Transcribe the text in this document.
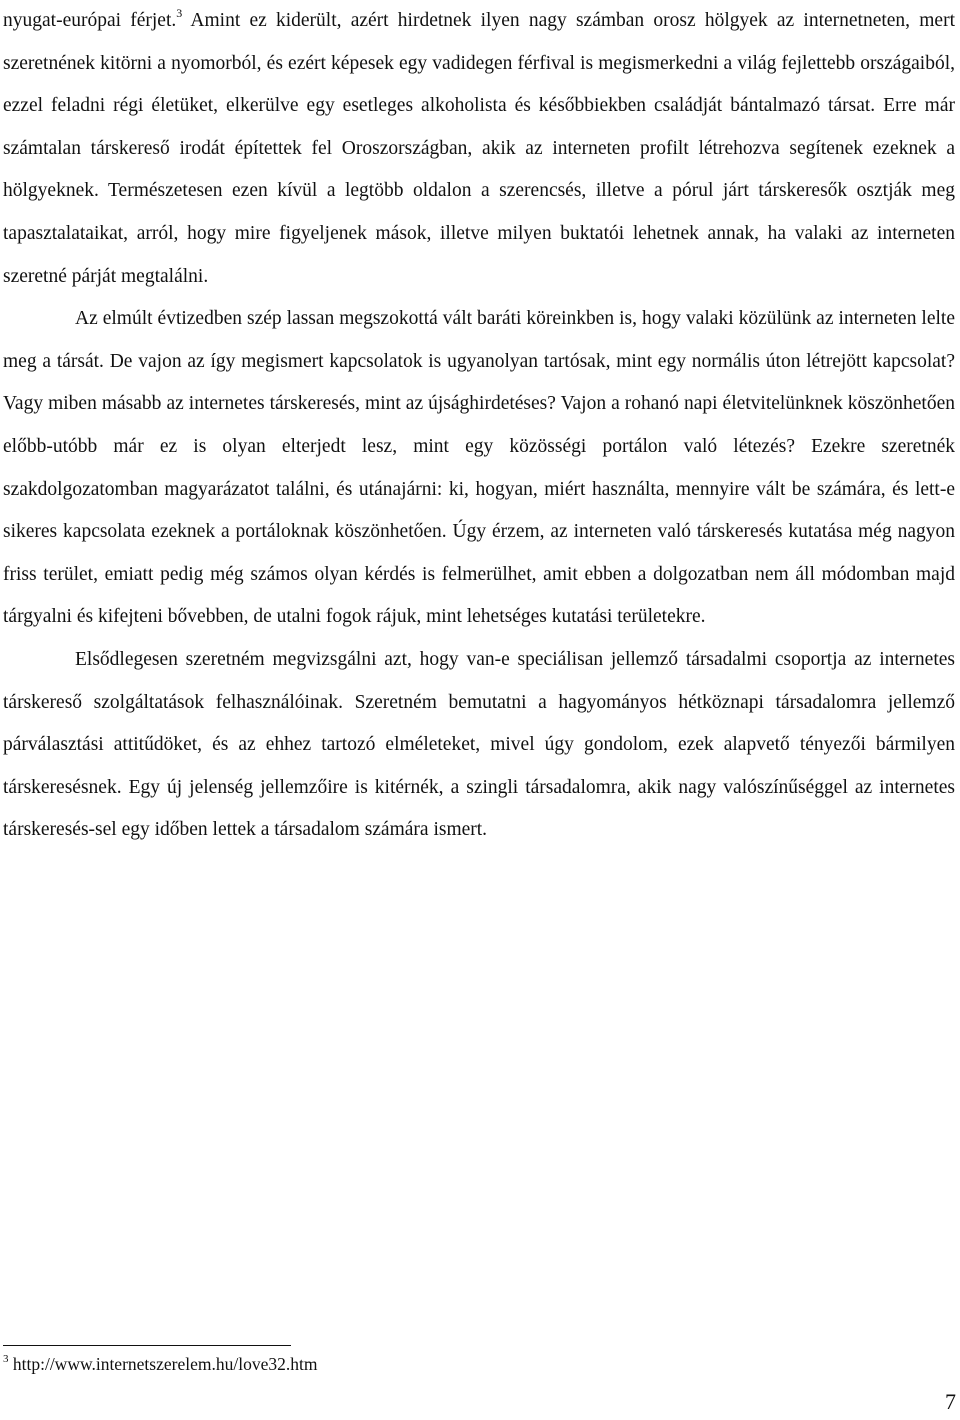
nyugat-európai férjet.$^3$ Amint ez kiderült, azért hirdetnek ilyen nagy számban orosz hölgyek az internetneten, mert szeretnének kitörni a nyomorból, és ezért képesek egy vadidegen férfival is megismerkedni a világ fejlettebb országaiból, ezzel feladni régi életüket, elkerülve egy esetleges alkoholista és későbbiekben családját bántalmazó társat. Erre már számtalan társkereső irodát építettek fel Oroszországban, akik az interneten profilt létrehozva segítenek ezeknek a hölgyeknek. Természetesen ezen kívül a legtöbb oldalon a szerencsés, illetve a pórul járt társkeresők osztják meg tapasztalataikat, arról, hogy mire figyeljenek mások, illetve milyen buktatói lehetnek annak, ha valaki az interneten szeretné párját megtalálni.

Az elmúlt évtizedben szép lassan megszokottá vált baráti köreinkben is, hogy valaki közülünk az interneten lelte meg a társát. De vajon az így megismert kapcsolatok is ugyanolyan tartósak, mint egy normális úton létrejött kapcsolat? Vagy miben másabb az internetes társkeresés, mint az újsághirdetéses? Vajon a rohanó napi életvitelünknek köszönhetően előbb-utóbb már ez is olyan elterjedt lesz, mint egy közösségi portálon való létezés? Ezekre szeretnék szakdolgozatomban magyarázatot találni, és utánajárni: ki, hogyan, miért használta, mennyire vált be számára, és lett-e sikeres kapcsolata ezeknek a portáloknak köszönhetően. Úgy érzem, az interneten való társkeresés kutatása még nagyon friss terület, emiatt pedig még számos olyan kérdés is felmerülhet, amit ebben a dolgozatban nem áll módomban majd tárgyalni és kifejteni bővebben, de utalni fogok rájuk, mint lehetséges kutatási területekre.

Elsődlegesen szeretném megvizsgálni azt, hogy van-e speciálisan jellemző társadalmi csoportja az internetes társkereső szolgáltatások felhasználóinak. Szeretném bemutatni a hagyományos hétköznapi társadalomra jellemző párválasztási attitűdöket, és az ehhez tartozó elméleteket, mivel úgy gondolom, ezek alapvető tényezői bármilyen társkeresésnek. Egy új jelenség jellemzőire is kitérnék, a szingli társadalomra, akik nagy valószínűséggel az internetes társkeresés-sel egy időben lettek a társadalom számára ismert.

$^3$ http://www.internetszerelem.hu/love32.htm

7
